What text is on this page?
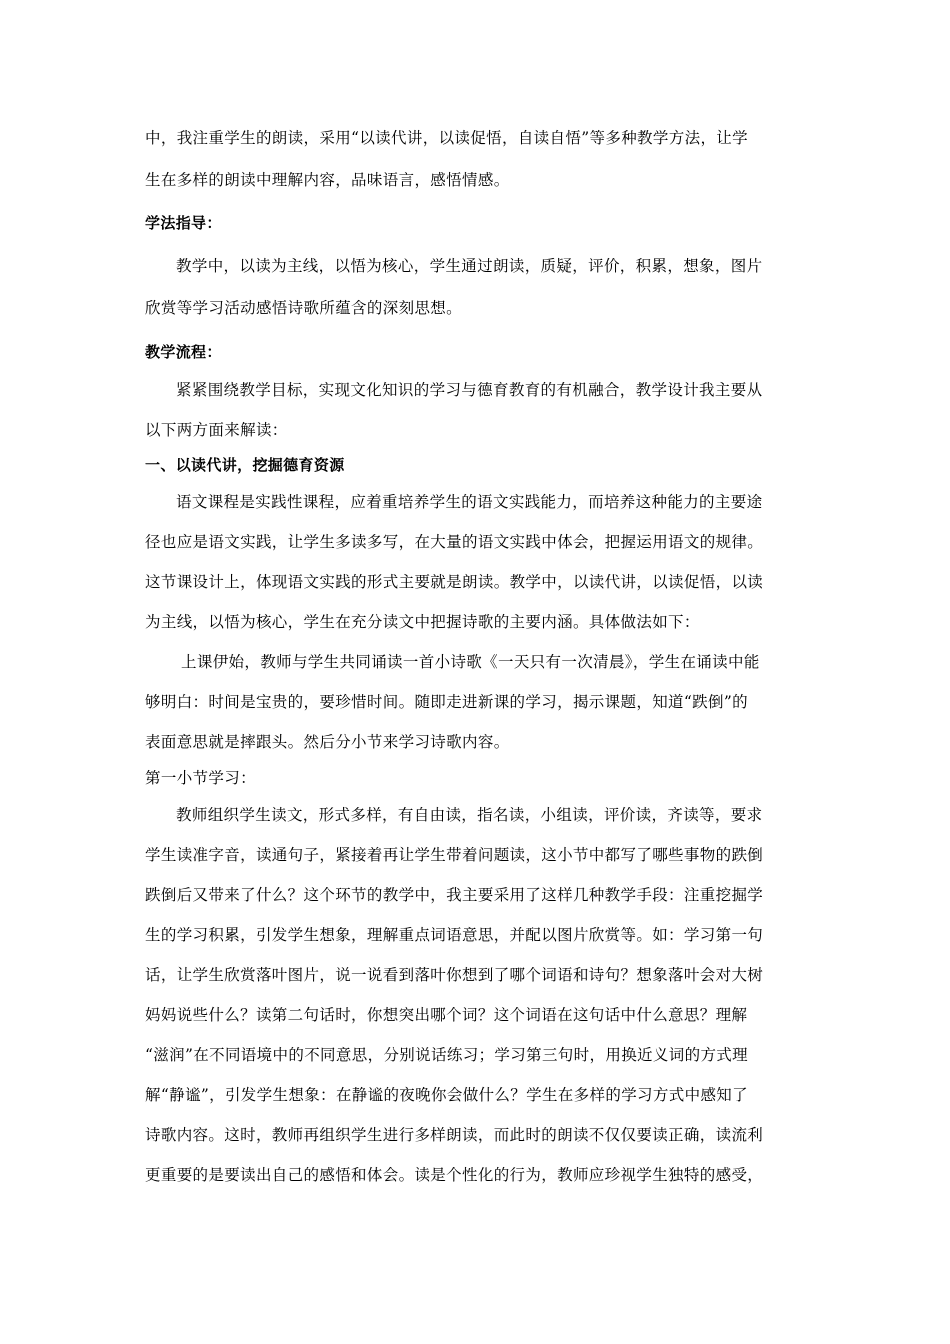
中，我注重学生的朗读，采用“以读代讲，以读促悟，自读自悟”等多种教学方法，让学
生在多样的朗读中理解内容，品味语言，感悟情感。
学法指导：
教学中，以读为主线，以悟为核心，学生通过朗读，质疑，评价，积累，想象，图片
欣赏等学习活动感悟诗歌所蕴含的深刻思想。
教学流程：
紧紧围绕教学目标，实现文化知识的学习与德育教育的有机融合，教学设计我主要从
以下两方面来解读：
一、以读代讲，挖掘德育资源
语文课程是实践性课程，应着重培养学生的语文实践能力，而培养这种能力的主要途
径也应是语文实践，让学生多读多写，在大量的语文实践中体会，把握运用语文的规律。
这节课设计上，体现语文实践的形式主要就是朗读。教学中，以读代讲，以读促悟，以读
为主线，以悟为核心，学生在充分读文中把握诗歌的主要内涵。具体做法如下：
上课伊始，教师与学生共同诵读一首小诗歌《一天只有一次清晨》，学生在诵读中能
够明白：时间是宝贵的，要珍惜时间。随即走进新课的学习，揭示课题，知道“跌倒”的
表面意思就是摔跟头。然后分小节来学习诗歌内容。
第一小节学习：
教师组织学生读文，形式多样，有自由读，指名读，小组读，评价读，齐读等，要求
学生读准字音，读通句子，紧接着再让学生带着问题读，这小节中都写了哪些事物的跌倒
跌倒后又带来了什么？这个环节的教学中，我主要采用了这样几种教学手段：注重挖掘学
生的学习积累，引发学生想象，理解重点词语意思，并配以图片欣赏等。如：学习第一句
话，让学生欣赏落叶图片，说一说看到落叶你想到了哪个词语和诗句？想象落叶会对大树
妈妈说些什么？读第二句话时，你想突出哪个词？这个词语在这句话中什么意思？理解
“滋润”在不同语境中的不同意思，分别说话练习；学习第三句时，用换近义词的方式理
解“静谧”，引发学生想象：在静谧的夜晚你会做什么？学生在多样的学习方式中感知了
诗歌内容。这时，教师再组织学生进行多样朗读，而此时的朗读不仅仅要读正确，读流利
更重要的是要读出自己的感悟和体会。读是个性化的行为，教师应珍视学生独特的感受，
